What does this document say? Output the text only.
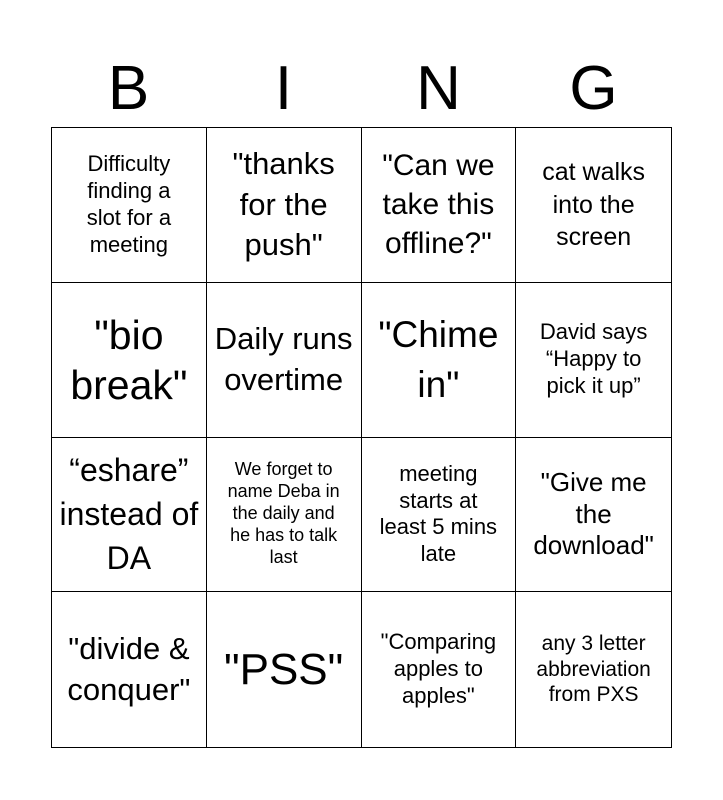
B	I	N	G
Difficulty finding a slot for a meeting
"thanks for the push"
"Can we take this offline?"
cat walks into the screen
"bio break"
Daily runs overtime
"Chime in"
David says “Happy to pick it up”
“eshare” instead of DA
We forget to name Deba in the daily and he has to talk last
meeting starts at least 5 mins late
"Give me the download"
"divide & conquer" "PSS"
"Comparing apples to apples"
any 3 letter abbreviation from PXS
